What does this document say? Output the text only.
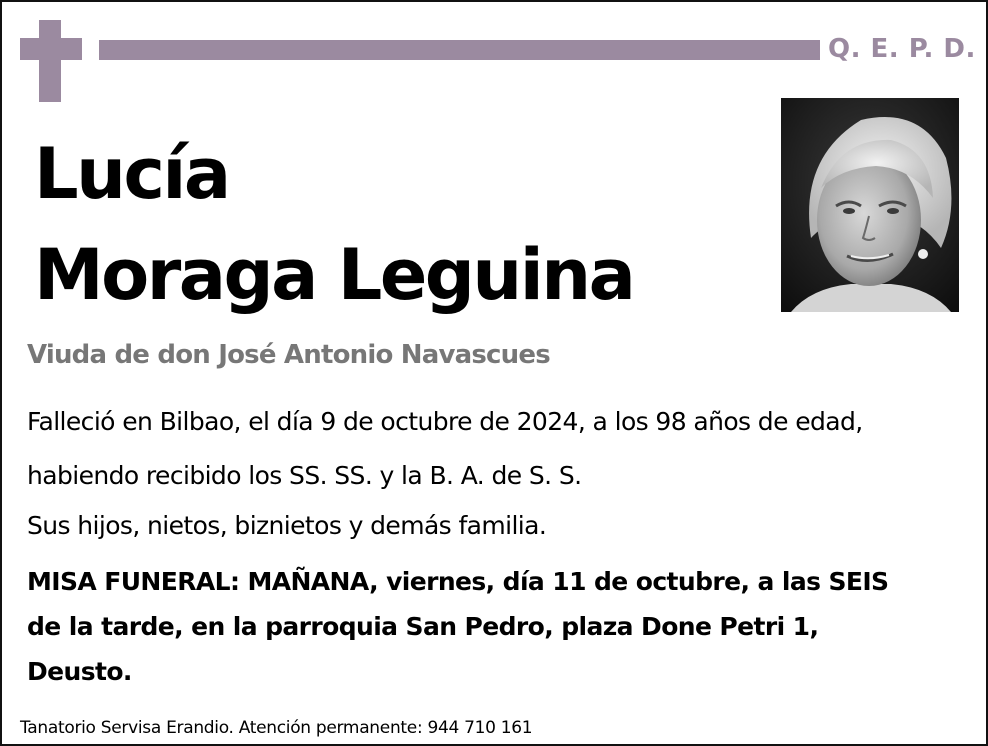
Q. E. P. D.

Lucía

Moraga Leguina

Viuda de don José Antonio Navascues

Falleció en Bilbao, el día 9 de octubre de 2024, a los 98 años de edad,
habiendo recibido los SS. SS. y la B. A. de S. S.

Sus hijos, nietos, biznietos y demás familia.

MISA FUNERAL: MAÑANA, viernes, día 11 de octubre, a las SEIS
de la tarde, en la parroquia San Pedro, plaza Done Petri 1,
Deusto.

Tanatorio Servisa Erandio. Atención permanente: 944 710 161
